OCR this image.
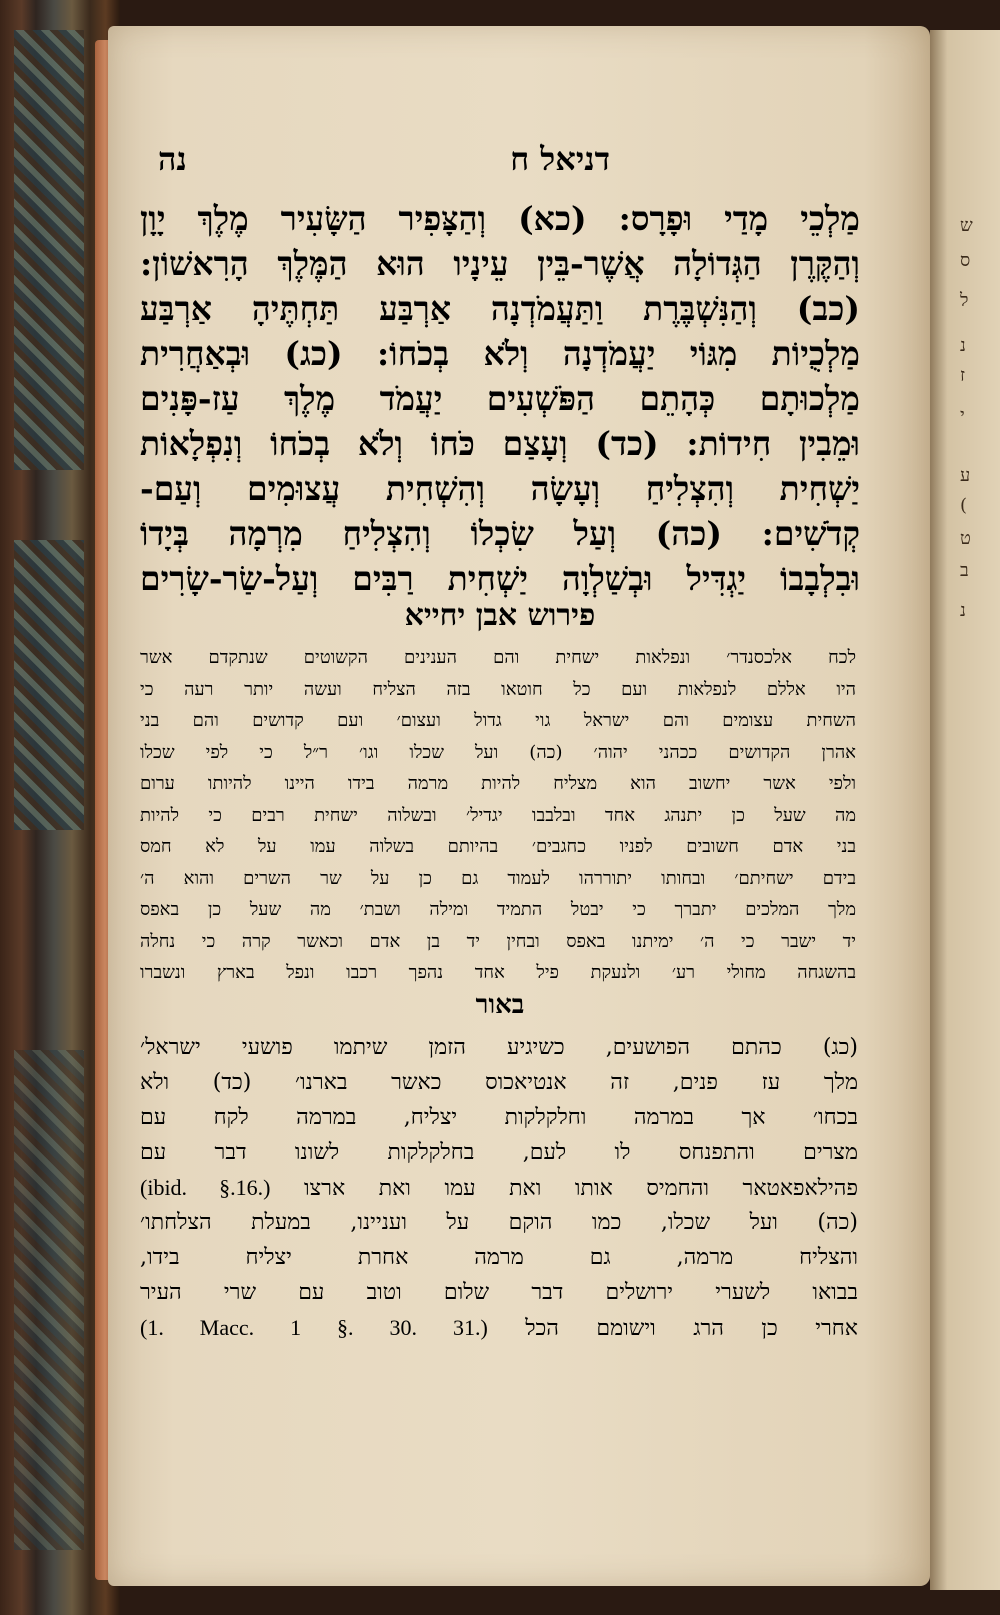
ש
ס
ל
נ
ז
י
ע
(
ט
ב
נ
דניאל ח
נה
מַלְכֵי מָדַי וּפָרָס: (כא) וְהַצָּפִיר הַשָּׂעִיר מֶלֶךְ יָוָן
וְהַקֶּרֶן הַגְּדוֹלָה אֲשֶׁר-בֵּין עֵינָיו הוּא הַמֶּלֶךְ הָרִאשׁוֹן:
(כב) וְהַנִּשְׁבֶּרֶת וַתַּעֲמֹדְנָה אַרְבַּע תַּחְתֶּיהָ אַרְבַּע
מַלְכֻיוֹת מִגּוֹי יַעֲמֹדְנָה וְלֹא בְכֹחוֹ: (כג) וּבְאַחֲרִית
מַלְכוּתָם כְּהָתֵם הַפֹּשְׁעִים יַעֲמֹד מֶלֶךְ עַז-פָּנִים
וּמֵבִין חִידוֹת: (כד) וְעָצַם כֹּחוֹ וְלֹא בְכֹחוֹ וְנִפְלָאוֹת
יַשְׁחִית וְהִצְלִיחַ וְעָשָׂה וְהִשְׁחִית עֲצוּמִים וְעַם-
קְדֹשִׁים: (כה) וְעַל שִׂכְלוֹ וְהִצְלִיחַ מִרְמָה בְּיָדוֹ
וּבִלְבָבוֹ יַגְדִּיל וּבְשַׁלְוָה יַשְׁחִית רַבִּים וְעַל-שַׂר-שָׂרִים
פירוש אבן יחייא
לכח אלכסנדר׳ ונפלאות ישחית והם הענינים הקשוטים שנתקדם אשר
היו אללם לנפלאות ועם כל חוטאו בזה הצליח ועשה יותר רעה כי
השחית עצומים והם ישראל גוי גדול ועצום׳ ועם קדושים והם בני
אהרן הקדושים ככהני יהוה׳ (כה) ועל שכלו וגו׳ ר״ל כי לפי שכלו
ולפי אשר יחשוב הוא מצליח להיות מרמה בידו היינו להיותו ערום
מה שעל כן יתנהג אחד ובלבבו יגדיל׳ ובשלוה ישחית רבים כי להיות
בני אדם חשובים לפניו כחגבים׳ בהיותם בשלוה עמו על לא חמס
בידם ישחיתם׳ ובחותו יתוררהו לעמוד גם כן על שר השרים והוא ה׳
מלך המלכים יתברך כי יבטל התמיד ומילה ושבת׳ מה שעל כן באפס
יד ישבר כי ה׳ ימיתנו באפס ובחין יד בן אדם וכאשר קרה כי נחלה
בהשגחה מחולי רע׳ ולנעקת פיל אחד נהפך רכבו ונפל בארץ ונשברו
באור
(כג) כהתם הפושעים, כשיגיע הזמן שיתמו פושעי ישראל׳
מלך עז פנים, זה אנטיאכוס כאשר בארנו׳ (כד) ולא
בכחו׳ אך במרמה וחלקלקות יצליח, במרמה לקח עם
מצרים והתפנחס לו לעם, בחלקלקות לשונו דבר עם
פהילאפאטאר והחמיס אותו ואת עמו ואת ארצו (ibid. §.16.)
(כה) ועל שכלו, כמו הוקם על ועניינו, במעלת הצלחתו׳
והצליח מרמה, גם מרמה אחרת יצליח בידו,
בבואו לשערי ירושלים דבר שלום וטוב עם שרי העיר
אחרי כן הרג וישומם הכל (1. Macc. 1 §. 30. 31.)
